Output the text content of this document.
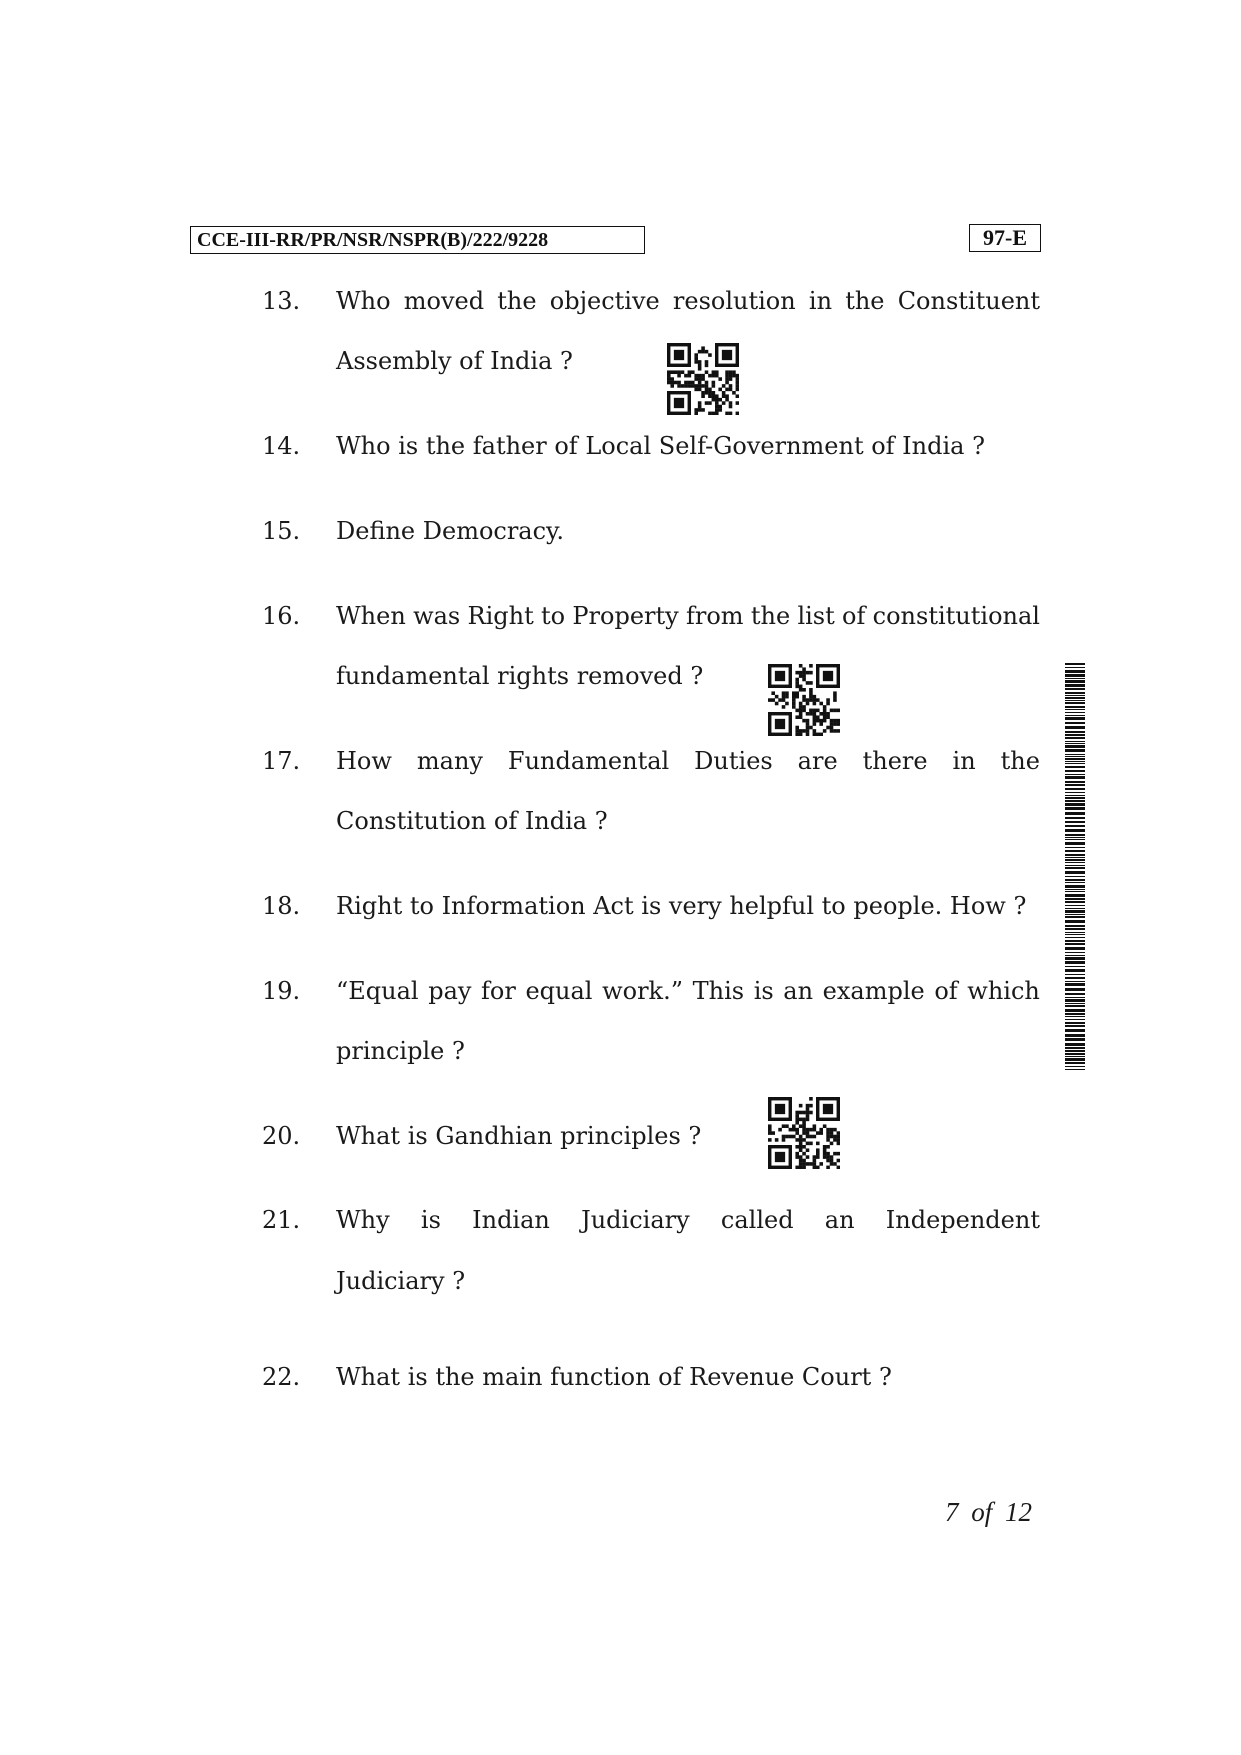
CCE-III-RR/PR/NSR/NSPR(B)/222/9228	97-E
13. Who moved the objective resolution in the Constituent
Assembly of India ?
14. Who is the father of Local Self-Government of India ?
15. Define Democracy.
16. When was Right to Property from the list of constitutional
fundamental rights removed ?
17. How many Fundamental Duties are there in the
Constitution of India ?
18. Right to Information Act is very helpful to people. How ?
19. “Equal pay for equal work.” This is an example of which
principle ?
20. What is Gandhian principles ?
21. Why is Indian Judiciary called an Independent
Judiciary ?
22. What is the main function of Revenue Court ?
7 of 12
